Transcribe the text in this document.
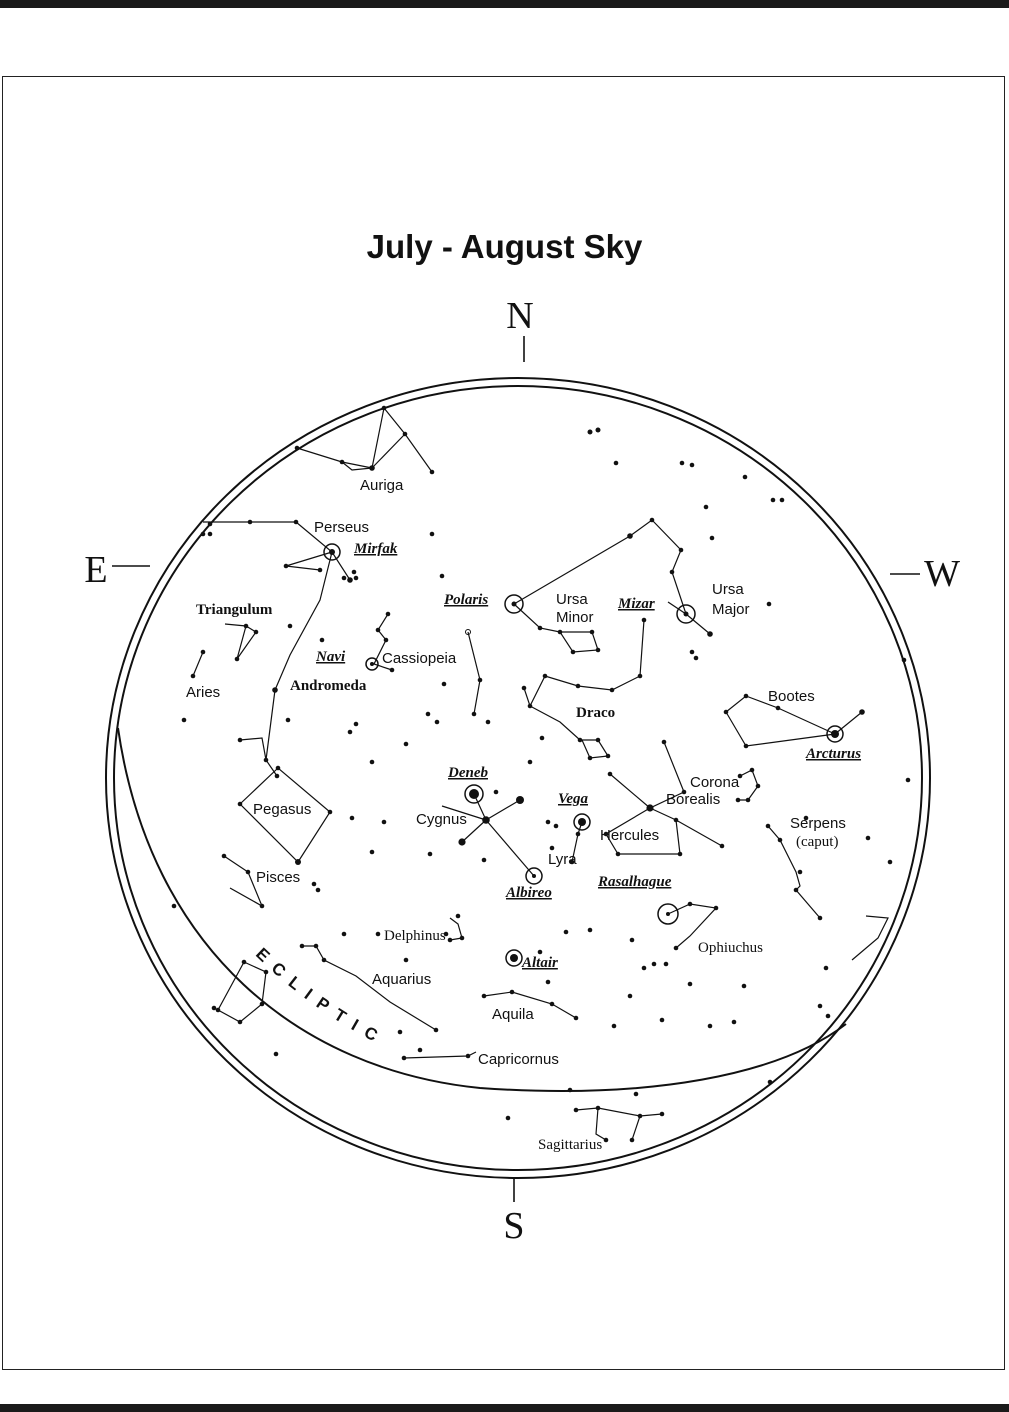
July - August Sky
N
S
E	W
Auriga
Perseus
Triangulum
Aries	Andromeda
Cassiopeia
Pegasus
Pisces
Delphinus
Aquarius
Aquila
Capricornus
Sagittarius
Ursa
Minor
Ursa
Major
Draco
Bootes
Corona
Borealis
Serpens
(caput)
Cygnus
Lyra
Hercules
Ophiuchus
Mirfak
Polaris	Mizar
Navi
Deneb
Vega
Arcturus
Albireo
Rasalhague
Altair
ECLIPTIC
